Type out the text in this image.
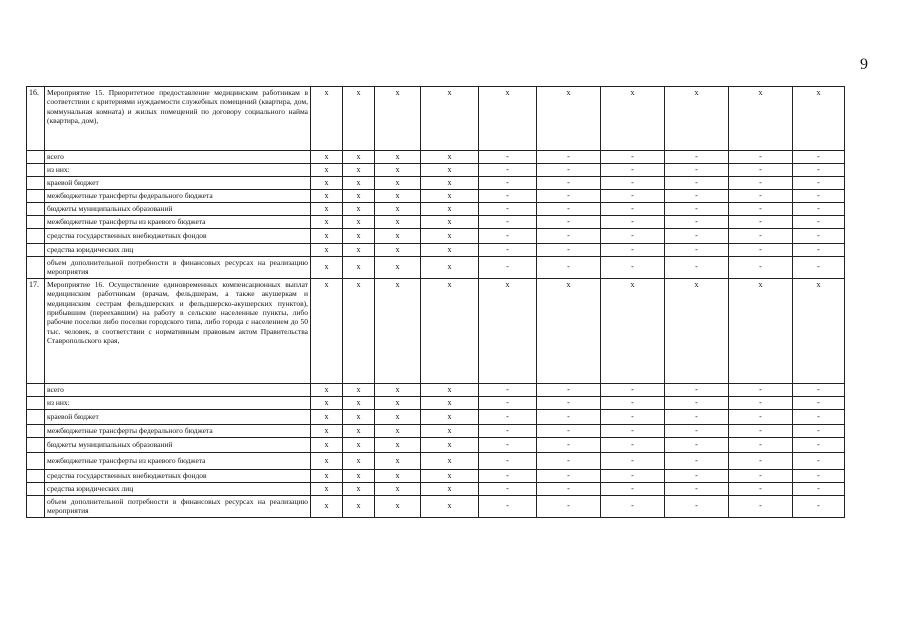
9
16.	Мероприятие 15. Приоритетное предоставление медицинским работникам в соответствии с критериями нуждаемости служебных помещений (квартира, дом, коммунальная комната) и жилых помещений по договору социального найма (квартира, дом),	x	x	x	x	x	x	x	x	x	x
	всего	x	x	x	x	-	-	-	-	-	-
	из них:	x	x	x	x	-	-	-	-	-	-
	краевой бюджет	x	x	x	x	-	-	-	-	-	-
	межбюджетные трансферты федерального бюджета	x	x	x	x	-	-	-	-	-	-
	бюджеты муниципальных образований	x	x	x	x	-	-	-	-	-	-
	межбюджетные трансферты из краевого бюджета	x	x	x	x	-	-	-	-	-	-
	средства государственных внебюджетных фондов	x	x	x	x	-	-	-	-	-	-
	средства юридических лиц	x	x	x	x	-	-	-	-	-	-
	объем дополнительной потребности в финансовых ресурсах на реализацию мероприятия	x	x	x	x	-	-	-	-	-	-
17.	Мероприятие 16. Осуществление единовременных компенсационных выплат медицинским работникам (врачам, фельдшерам, а также акушеркам и медицинским сестрам фельдшерских и фельдшерско-акушерских пунктов), прибывшим (переехавшим) на работу в сельские населенные пункты, либо рабочие поселки либо поселки городского типа, либо города с населением до 50 тыс. человек, в соответствии с нормативным правовым актом Правительства Ставропольского края,	x	x	x	x	x	x	x	x	x	x
	всего	x	x	x	x	-	-	-	-	-	-
	из них:	x	x	x	x	-	-	-	-	-	-
	краевой бюджет	x	x	x	x	-	-	-	-	-	-
	межбюджетные трансферты федерального бюджета	x	x	x	x	-	-	-	-	-	-
	бюджеты муниципальных образований	x	x	x	x	-	-	-	-	-	-
	межбюджетные трансферты из краевого бюджета	x	x	x	x	-	-	-	-	-	-
	средства государственных внебюджетных фондов	x	x	x	x	-	-	-	-	-	-
	средства юридических лиц	x	x	x	x	-	-	-	-	-	-
	объем дополнительной потребности в финансовых ресурсах на реализацию мероприятия	x	x	x	x	-	-	-	-	-	-
